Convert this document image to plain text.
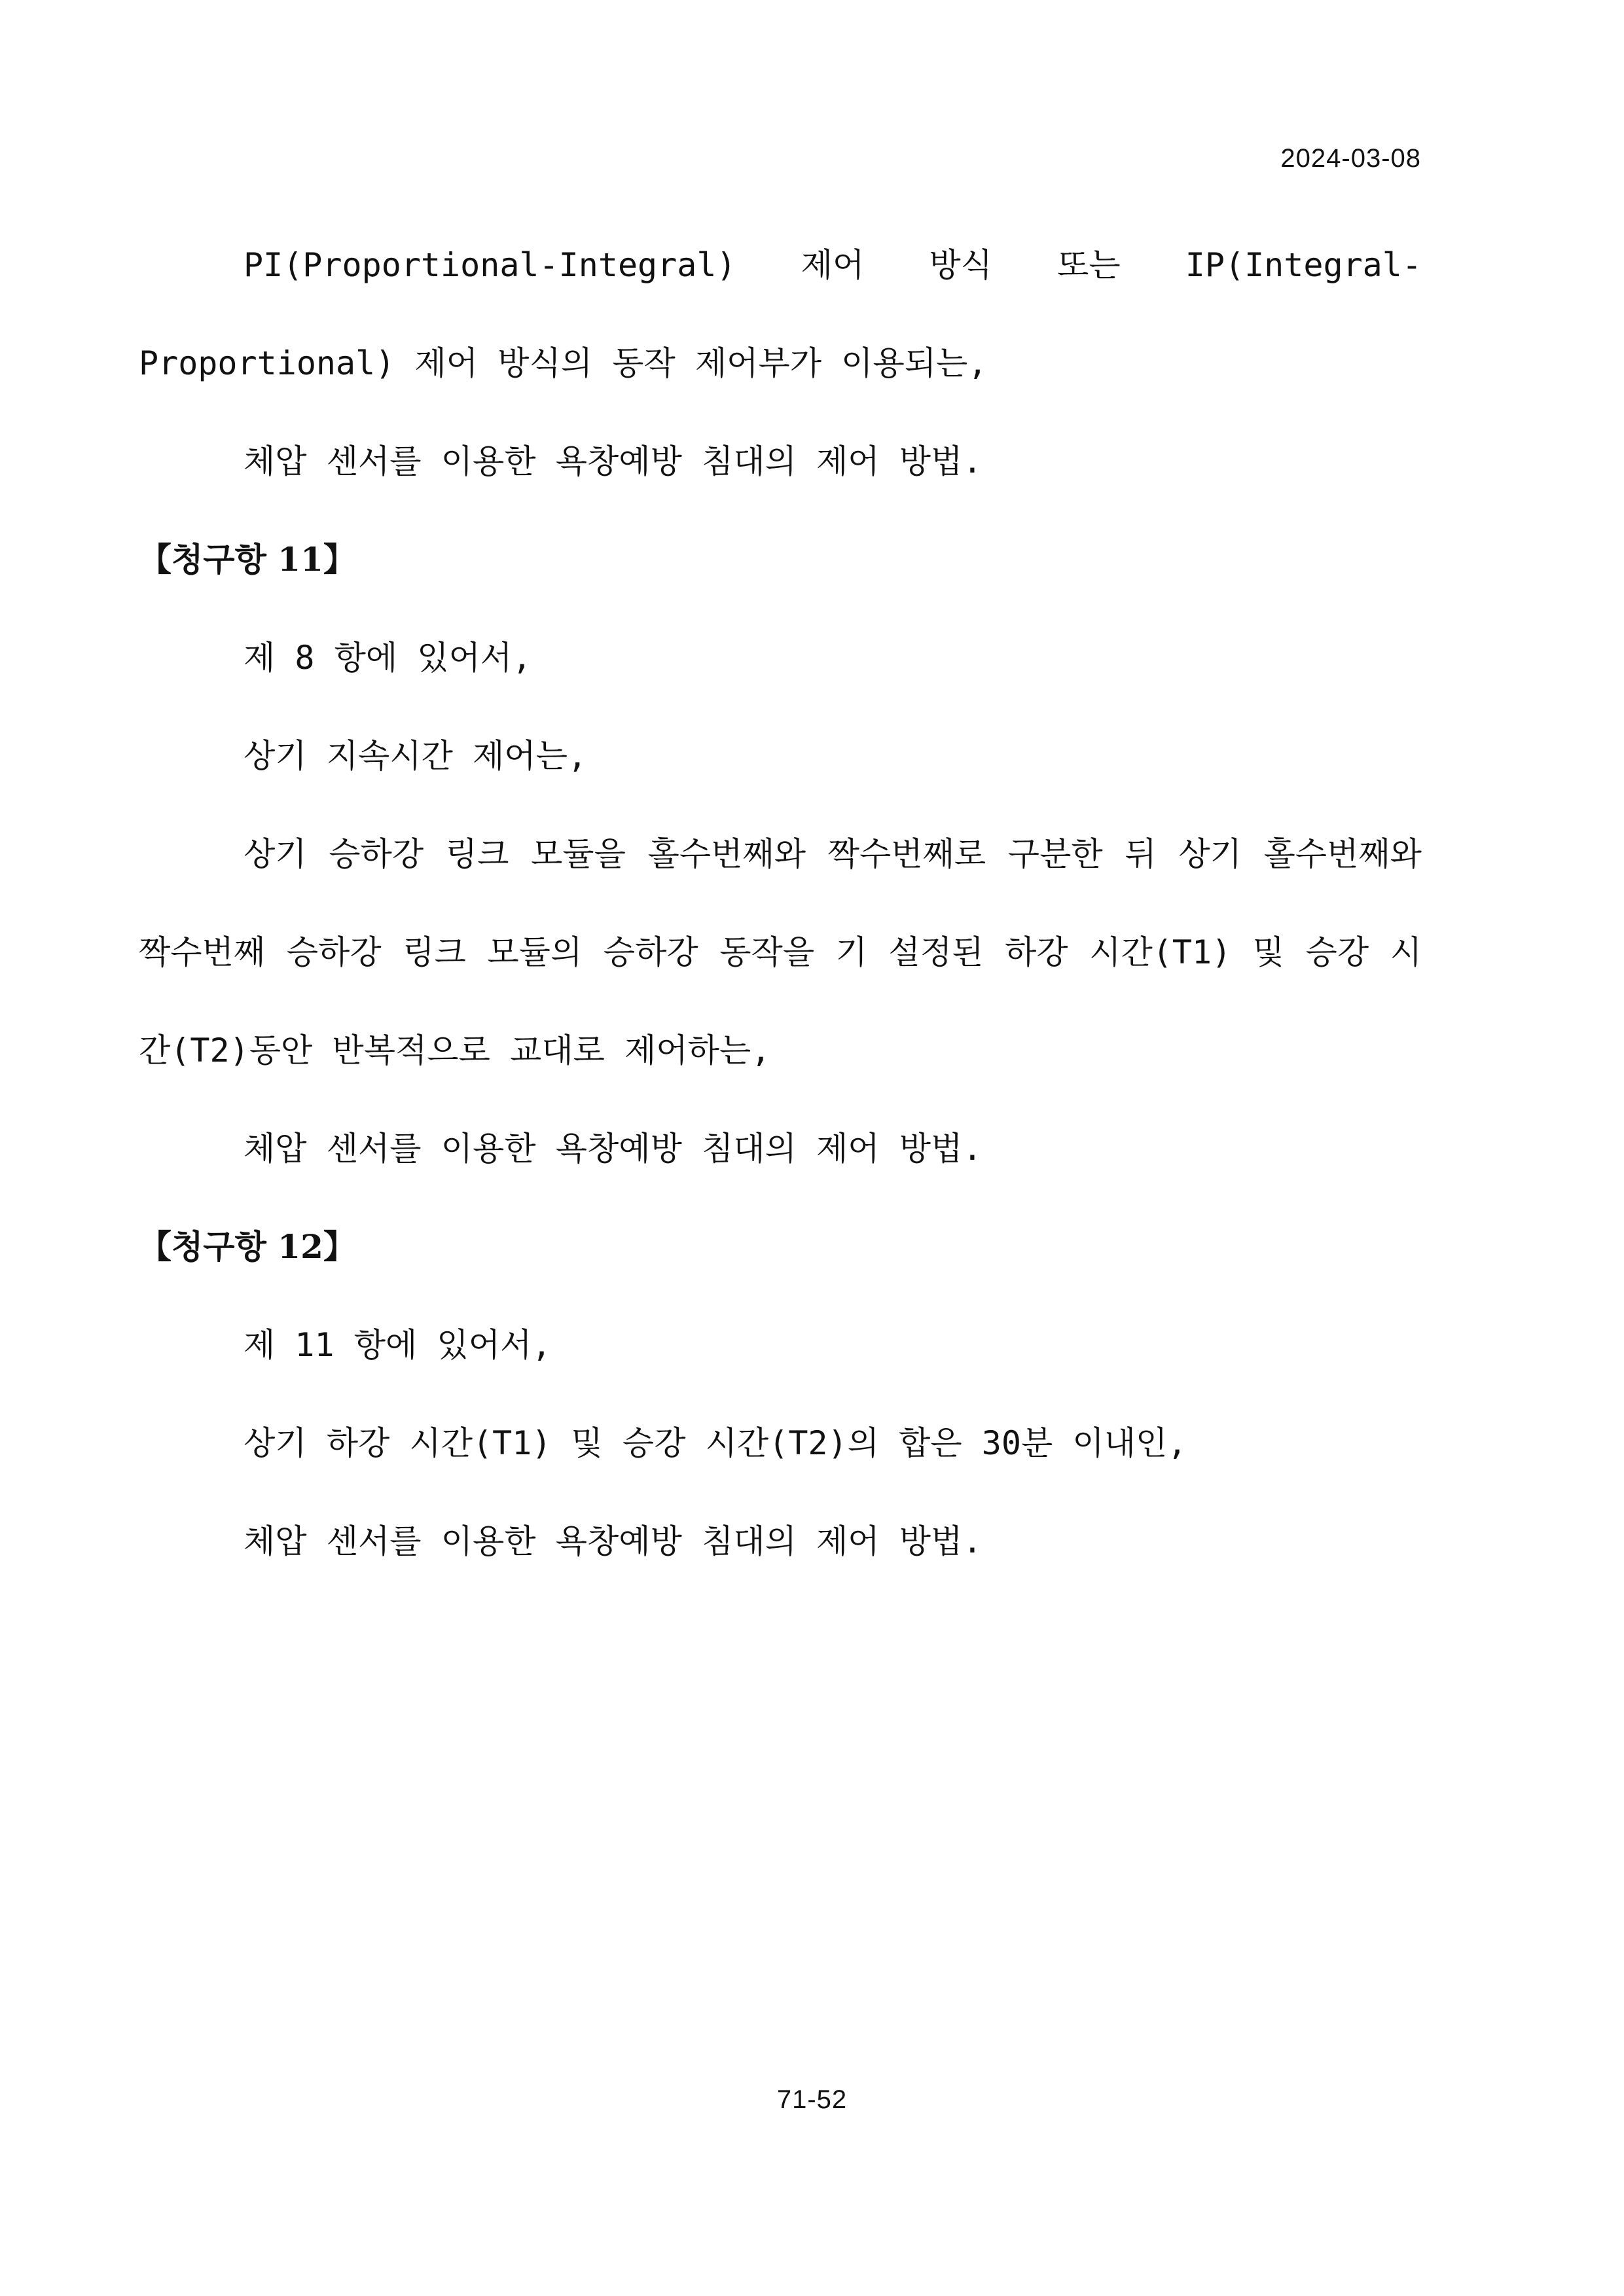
2024-03-08

PI(Proportional-Integral) 제어 방식 또는 IP(Integral-Proportional) 제어 방식의 동작 제어부가 이용되는,

체압 센서를 이용한 욕창예방 침대의 제어 방법.

【청구항 11】

제 8 항에 있어서,

상기 지속시간 제어는,

상기 승하강 링크 모듈을 홀수번째와 짝수번째로 구분한 뒤 상기 홀수번째와 짝수번째 승하강 링크 모듈의 승하강 동작을 기 설정된 하강 시간(T1) 및 승강 시간(T2)동안 반복적으로 교대로 제어하는,

체압 센서를 이용한 욕창예방 침대의 제어 방법.

【청구항 12】

제 11 항에 있어서,

상기 하강 시간(T1) 및 승강 시간(T2)의 합은 30분 이내인,

체압 센서를 이용한 욕창예방 침대의 제어 방법.

71-52
